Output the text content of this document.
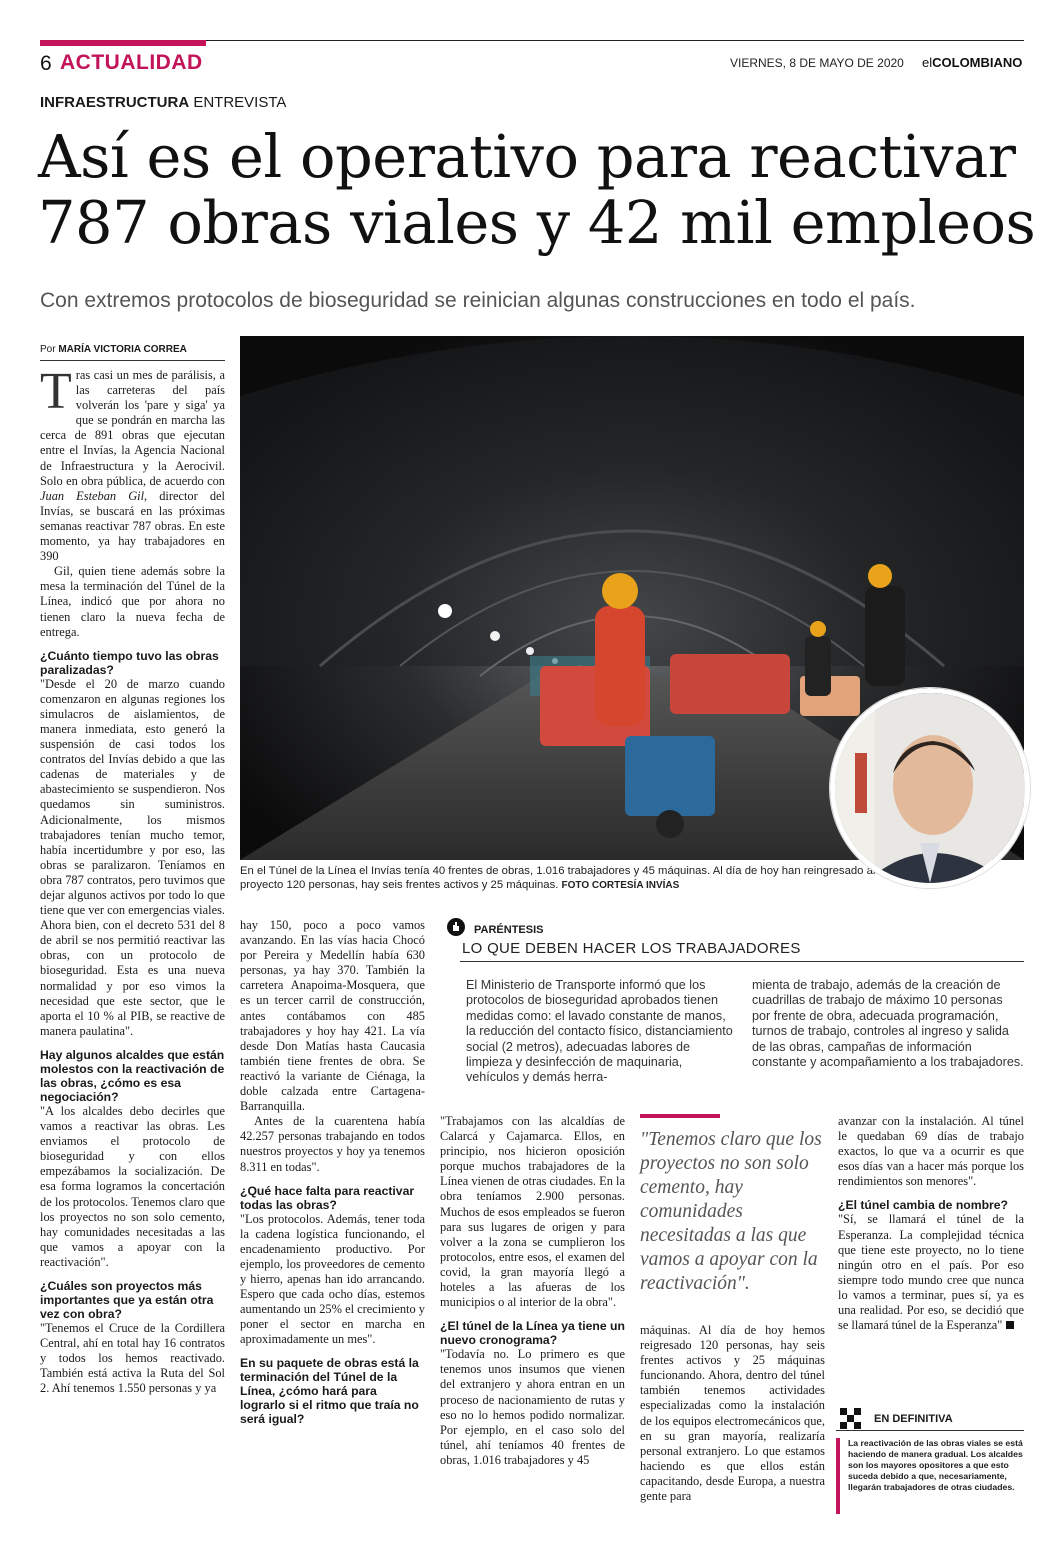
6 ACTUALIDAD	VIERNES, 8 DE MAYO DE 2020 elCOLOMBIANO
INFRAESTRUCTURA ENTREVISTA
Así es el operativo para reactivar
787 obras viales y 42 mil empleos
Con extremos protocolos de bioseguridad se reinician algunas construcciones en todo el país.
Por MARÍA VICTORIA CORREA

Tras casi un mes de parálisis, a las carreteras del país volverán los 'pare y siga' ya que se pondrán en marcha las cerca de 891 obras que ejecutan entre el Invías, la Agencia Nacional de Infraestructura y la Aerocivil. Solo en obra pública, de acuerdo con Juan Esteban Gil, director del Invías, se buscará en las próximas semanas reactivar 787 obras. En este momento, ya hay trabajadores en 390

Gil, quien tiene además sobre la mesa la terminación del Túnel de la Línea, indicó que por ahora no tienen claro la nueva fecha de entrega.

¿Cuánto tiempo tuvo las obras paralizadas?

"Desde el 20 de marzo cuando comenzaron en algunas regiones los simulacros de aislamientos, de manera inmediata, esto generó la suspensión de casi todos los contratos del Invías debido a que las cadenas de materiales y de abastecimiento se suspendieron. Nos quedamos sin suministros. Adicionalmente, los mismos trabajadores tenían mucho temor, había incertidumbre y por eso, las obras se paralizaron. Teníamos en obra 787 contratos, pero tuvimos que dejar algunos activos por todo lo que tiene que ver con emergencias viales. Ahora bien, con el decreto 531 del 8 de abril se nos permitió reactivar las obras, con un protocolo de bioseguridad. Esta es una nueva normalidad y por eso vimos la necesidad que este sector, que le aporta el 10 % al PIB, se reactive de manera paulatina".

Hay algunos alcaldes que están molestos con la reactivación de las obras, ¿cómo es esa negociación?

"A los alcaldes debo decirles que vamos a reactivar las obras. Les enviamos el protocolo de bioseguridad y con ellos empezábamos la socialización. De esa forma logramos la concertación de los protocolos. Tenemos claro que los proyectos no son solo cemento, hay comunidades necesitadas a las que vamos a apoyar con la reactivación".

¿Cuáles son proyectos más importantes que ya están otra vez con obra?

"Tenemos el Cruce de la Cordillera Central, ahí en total hay 16 contratos y todos los hemos reactivado. También está activa la Ruta del Sol 2. Ahí tenemos 1.550 personas y ya

En el Túnel de la Línea el Invías tenía 40 frentes de obras, 1.016 trabajadores y 45 máquinas. Al día de hoy han reingresado al proyecto 120 personas, hay seis frentes activos y 25 máquinas. FOTO CORTESÍA INVÍAS

hay 150, poco a poco vamos avanzando. En las vías hacia Chocó por Pereira y Medellín había 630 personas, ya hay 370. También la carretera Anapoima-Mosquera, que es un tercer carril de construcción, antes contábamos con 485 trabajadores y hoy hay 421. La vía desde Don Matías hasta Caucasia también tiene frentes de obra. Se reactivó la variante de Ciénaga, la doble calzada entre Cartagena-Barranquilla.

Antes de la cuarentena había 42.257 personas trabajando en todos nuestros proyectos y hoy ya tenemos 8.311 en todas".

¿Qué hace falta para reactivar todas las obras?

"Los protocolos. Además, tener toda la cadena logística funcionando, el encadenamiento productivo. Por ejemplo, los proveedores de cemento y hierro, apenas han ido arrancando. Espero que cada ocho días, estemos aumentando un 25% el crecimiento y poner el sector en marcha en aproximadamente un mes".

En su paquete de obras está la terminación del Túnel de la Línea, ¿cómo hará para lograrlo si el ritmo que traía no será igual?

PARÉNTESIS
LO QUE DEBEN HACER LOS TRABAJADORES
El Ministerio de Transporte informó que los protocolos de bioseguridad aprobados tienen medidas como: el lavado constante de manos, la reducción del contacto físico, distanciamiento social (2 metros), adecuadas labores de limpieza y desinfección de maquinaria, vehículos y demás herra-
mienta de trabajo, además de la creación de cuadrillas de trabajo de máximo 10 personas por frente de obra, adecuada programación, turnos de trabajo, controles al ingreso y salida de las obras, campañas de información constante y acompañamiento a los trabajadores.

"Trabajamos con las alcaldías de Calarcá y Cajamarca. Ellos, en principio, nos hicieron oposición porque muchos trabajadores de la Línea vienen de otras ciudades. En la obra teníamos 2.900 personas. Muchos de esos empleados se fueron para sus lugares de origen y para volver a la zona se cumplieron los protocolos, entre esos, el examen del covid, la gran mayoría llegó a hoteles a las afueras de los municipios o al interior de la obra".

¿El túnel de la Línea ya tiene un nuevo cronograma?

"Todavía no. Lo primero es que tenemos unos insumos que vienen del extranjero y ahora entran en un proceso de nacionamiento de rutas y eso no lo hemos podido normalizar. Por ejemplo, en el caso solo del túnel, ahí teníamos 40 frentes de obras, 1.016 trabajadores y 45

"Tenemos claro que los proyectos no son solo cemento, hay comunidades necesitadas a las que vamos a apoyar con la reactivación".

máquinas. Al día de hoy hemos reigresado 120 personas, hay seis frentes activos y 25 máquinas funcionando. Ahora, dentro del túnel también tenemos actividades especializadas como la instalación de los equipos electromecánicos que, en su gran mayoría, realizaría personal extranjero. Lo que estamos haciendo es que ellos están capacitando, desde Europa, a nuestra gente para

avanzar con la instalación. Al túnel le quedaban 69 días de trabajo exactos, lo que va a ocurrir es que esos días van a hacer más porque los rendimientos son menores".

¿El túnel cambia de nombre?

"Sí, se llamará el túnel de la Esperanza. La complejidad técnica que tiene este proyecto, no lo tiene ningún otro en el país. Por eso siempre todo mundo cree que nunca lo vamos a terminar, pues sí, ya es una realidad. Por eso, se decidió que se llamará túnel de la Esperanza"

EN DEFINITIVA
La reactivación de las obras viales se está haciendo de manera gradual. Los alcaldes son los mayores opositores a que esto suceda debido a que, necesariamente, llegarán trabajadores de otras ciudades.
